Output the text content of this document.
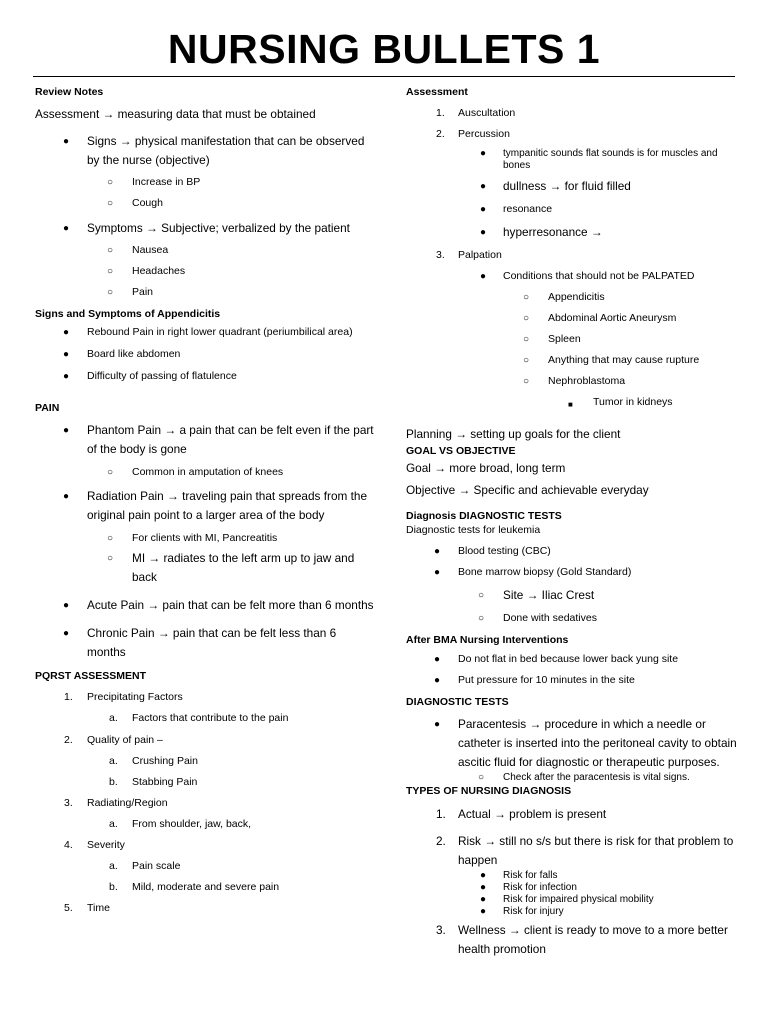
NURSING BULLETS 1
Review Notes
Assessment → measuring data that must be obtained
● Signs → physical manifestation that can be observed by the nurse (objective)
○ Increase in BP
○ Cough
● Symptoms → Subjective; verbalized by the patient
○ Nausea
○ Headaches
○ Pain
Signs and Symptoms of Appendicitis
● Rebound Pain in right lower quadrant (periumbilical area)
● Board like abdomen
● Difficulty of passing of flatulence
PAIN
● Phantom Pain → a pain that can be felt even if the part of the body is gone
○ Common in amputation of knees
● Radiation Pain → traveling pain that spreads from the original pain point to a larger area of the body
○ For clients with MI, Pancreatitis
○ MI → radiates to the left arm up to jaw and back
● Acute Pain → pain that can be felt more than 6 months
● Chronic Pain → pain that can be felt less than 6 months
PQRST ASSESSMENT
1. Precipitating Factors
a. Factors that contribute to the pain
2. Quality of pain –
a. Crushing Pain
b. Stabbing Pain
3. Radiating/Region
a. From shoulder, jaw, back,
4. Severity
a. Pain scale
b. Mild, moderate and severe pain
5. Time
Assessment
1. Auscultation
2. Percussion
● tympanitic sounds flat sounds is for muscles and bones
● dullness → for fluid filled
● resonance
● hyperresonance →
3. Palpation
● Conditions that should not be PALPATED
○ Appendicitis
○ Abdominal Aortic Aneurysm
○ Spleen
○ Anything that may cause rupture
○ Nephroblastoma
■ Tumor in kidneys
Planning → setting up goals for the client
GOAL VS OBJECTIVE
Goal → more broad, long term
Objective → Specific and achievable everyday
Diagnosis DIAGNOSTIC TESTS
Diagnostic tests for leukemia
● Blood testing (CBC)
● Bone marrow biopsy (Gold Standard)
○ Site → Iliac Crest
○ Done with sedatives
After BMA Nursing Interventions
● Do not flat in bed because lower back yung site
● Put pressure for 10 minutes in the site
DIAGNOSTIC TESTS
● Paracentesis → procedure in which a needle or catheter is inserted into the peritoneal cavity to obtain ascitic fluid for diagnostic or therapeutic purposes.
○ Check after the paracentesis is vital signs.
TYPES OF NURSING DIAGNOSIS
1. Actual → problem is present
2. Risk → still no s/s but there is risk for that problem to happen
● Risk for falls
● Risk for infection
● Risk for impaired physical mobility
● Risk for injury
3. Wellness → client is ready to move to a more better health promotion
